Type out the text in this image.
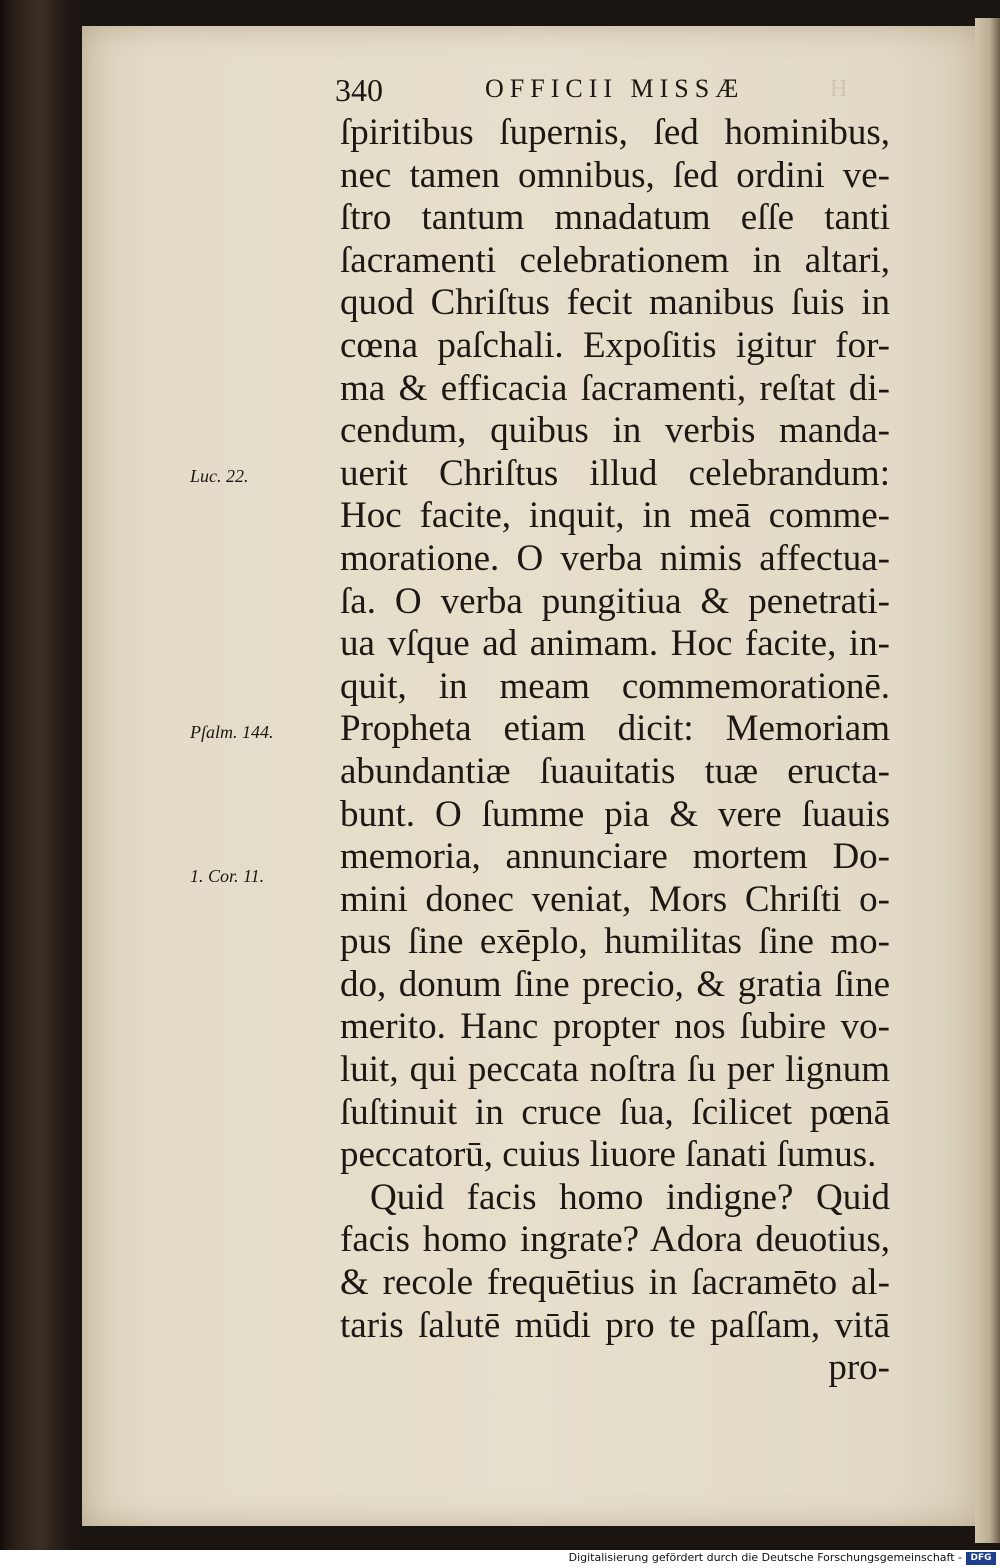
H
340	OFFICII MISSÆ
ſpiritibus ſupernis, ſed hominibus,
nec tamen omnibus, ſed ordini ve-
ſtro tantum mnadatum eſſe tanti
ſacramenti celebrationem in altari,
quod Chriſtus fecit manibus ſuis in
cœna paſchali. Expoſitis igitur for-
ma & efficacia ſacramenti, reſtat di-
cendum, quibus in verbis manda-
uerit Chriſtus illud celebrandum:
Hoc facite, inquit, in meā comme-
moratione. O verba nimis affectua-
ſa. O verba pungitiua & penetrati-
ua vſque ad animam. Hoc facite, in-
quit, in meam commemorationē.
Propheta etiam dicit: Memoriam
abundantiæ ſuauitatis tuæ eructa-
bunt. O ſumme pia & vere ſuauis
memoria, annunciare mortem Do-
mini donec veniat, Mors Chriſti o-
pus ſine exēplo, humilitas ſine mo-
do, donum ſine precio, & gratia ſine
merito. Hanc propter nos ſubire vo-
luit, qui peccata noſtra ſu per lignum
ſuſtinuit in cruce ſua, ſcilicet pœnā
peccatorū, cuius liuore ſanati ſumus.
Quid facis homo indigne? Quid
facis homo ingrate? Adora deuotius,
& recole frequētius in ſacramēto al-
taris ſalutē mūdi pro te paſſam, vitā
pro-
Luc. 22.
Pſalm. 144.
1. Cor. 11.
Digitalisierung gefördert durch die Deutsche Forschungsgemeinschaft - DFG
